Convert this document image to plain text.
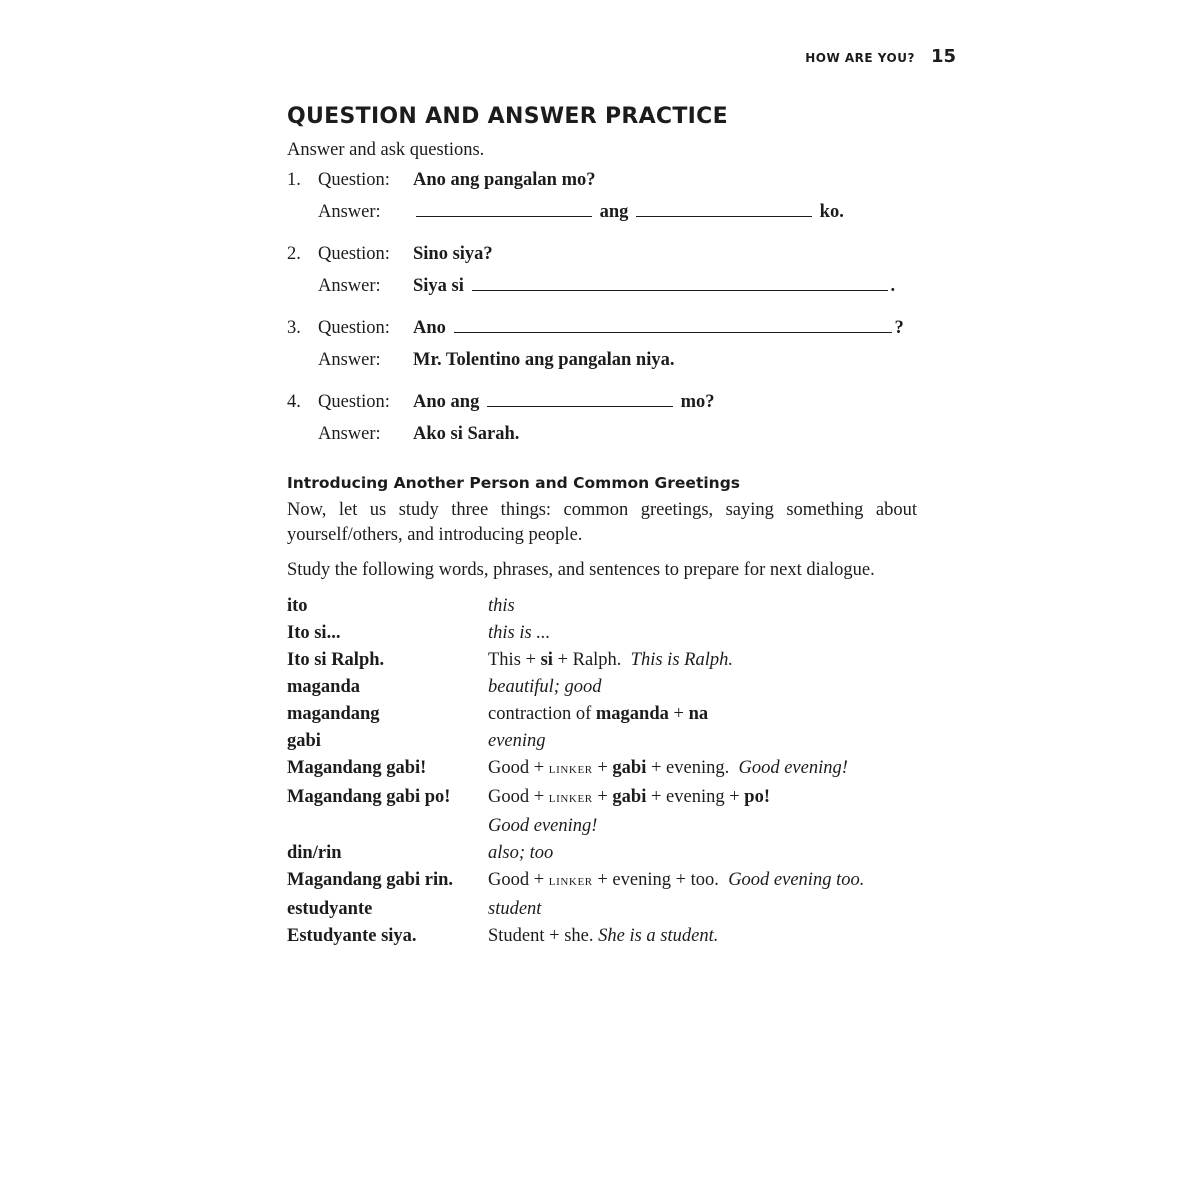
HOW ARE YOU? 15
QUESTION AND ANSWER PRACTICE

Answer and ask questions.

1. Question:	Ano ang pangalan mo?
Answer:	ang	ko.
2. Question:	Sino siya?
Answer:	Siya si	.
3. Question:	Ano	?
Answer:	Mr. Tolentino ang pangalan niya.
4. Question:	Ano ang	mo?
Answer:	Ako si Sarah.
Introducing Another Person and Common Greetings

Now, let us study three things: common greetings, saying something about yourself/others, and introducing people.

Study the following words, phrases, and sentences to prepare for next dialogue.

ito	this
Ito si...	this is ...
Ito si Ralph.	This + si + Ralph. This is Ralph.
maganda	beautiful; good
magandang	contraction of maganda + na
gabi	evening
Magandang gabi!	Good + LINKER + gabi + evening. Good evening!
Magandang gabi po!	Good + LINKER + gabi + evening + po!
Good evening!
din/rin	also; too
Magandang gabi rin.	Good + LINKER + evening + too. Good evening too.
estudyante	student
Estudyante siya.	Student + she. She is a student.
